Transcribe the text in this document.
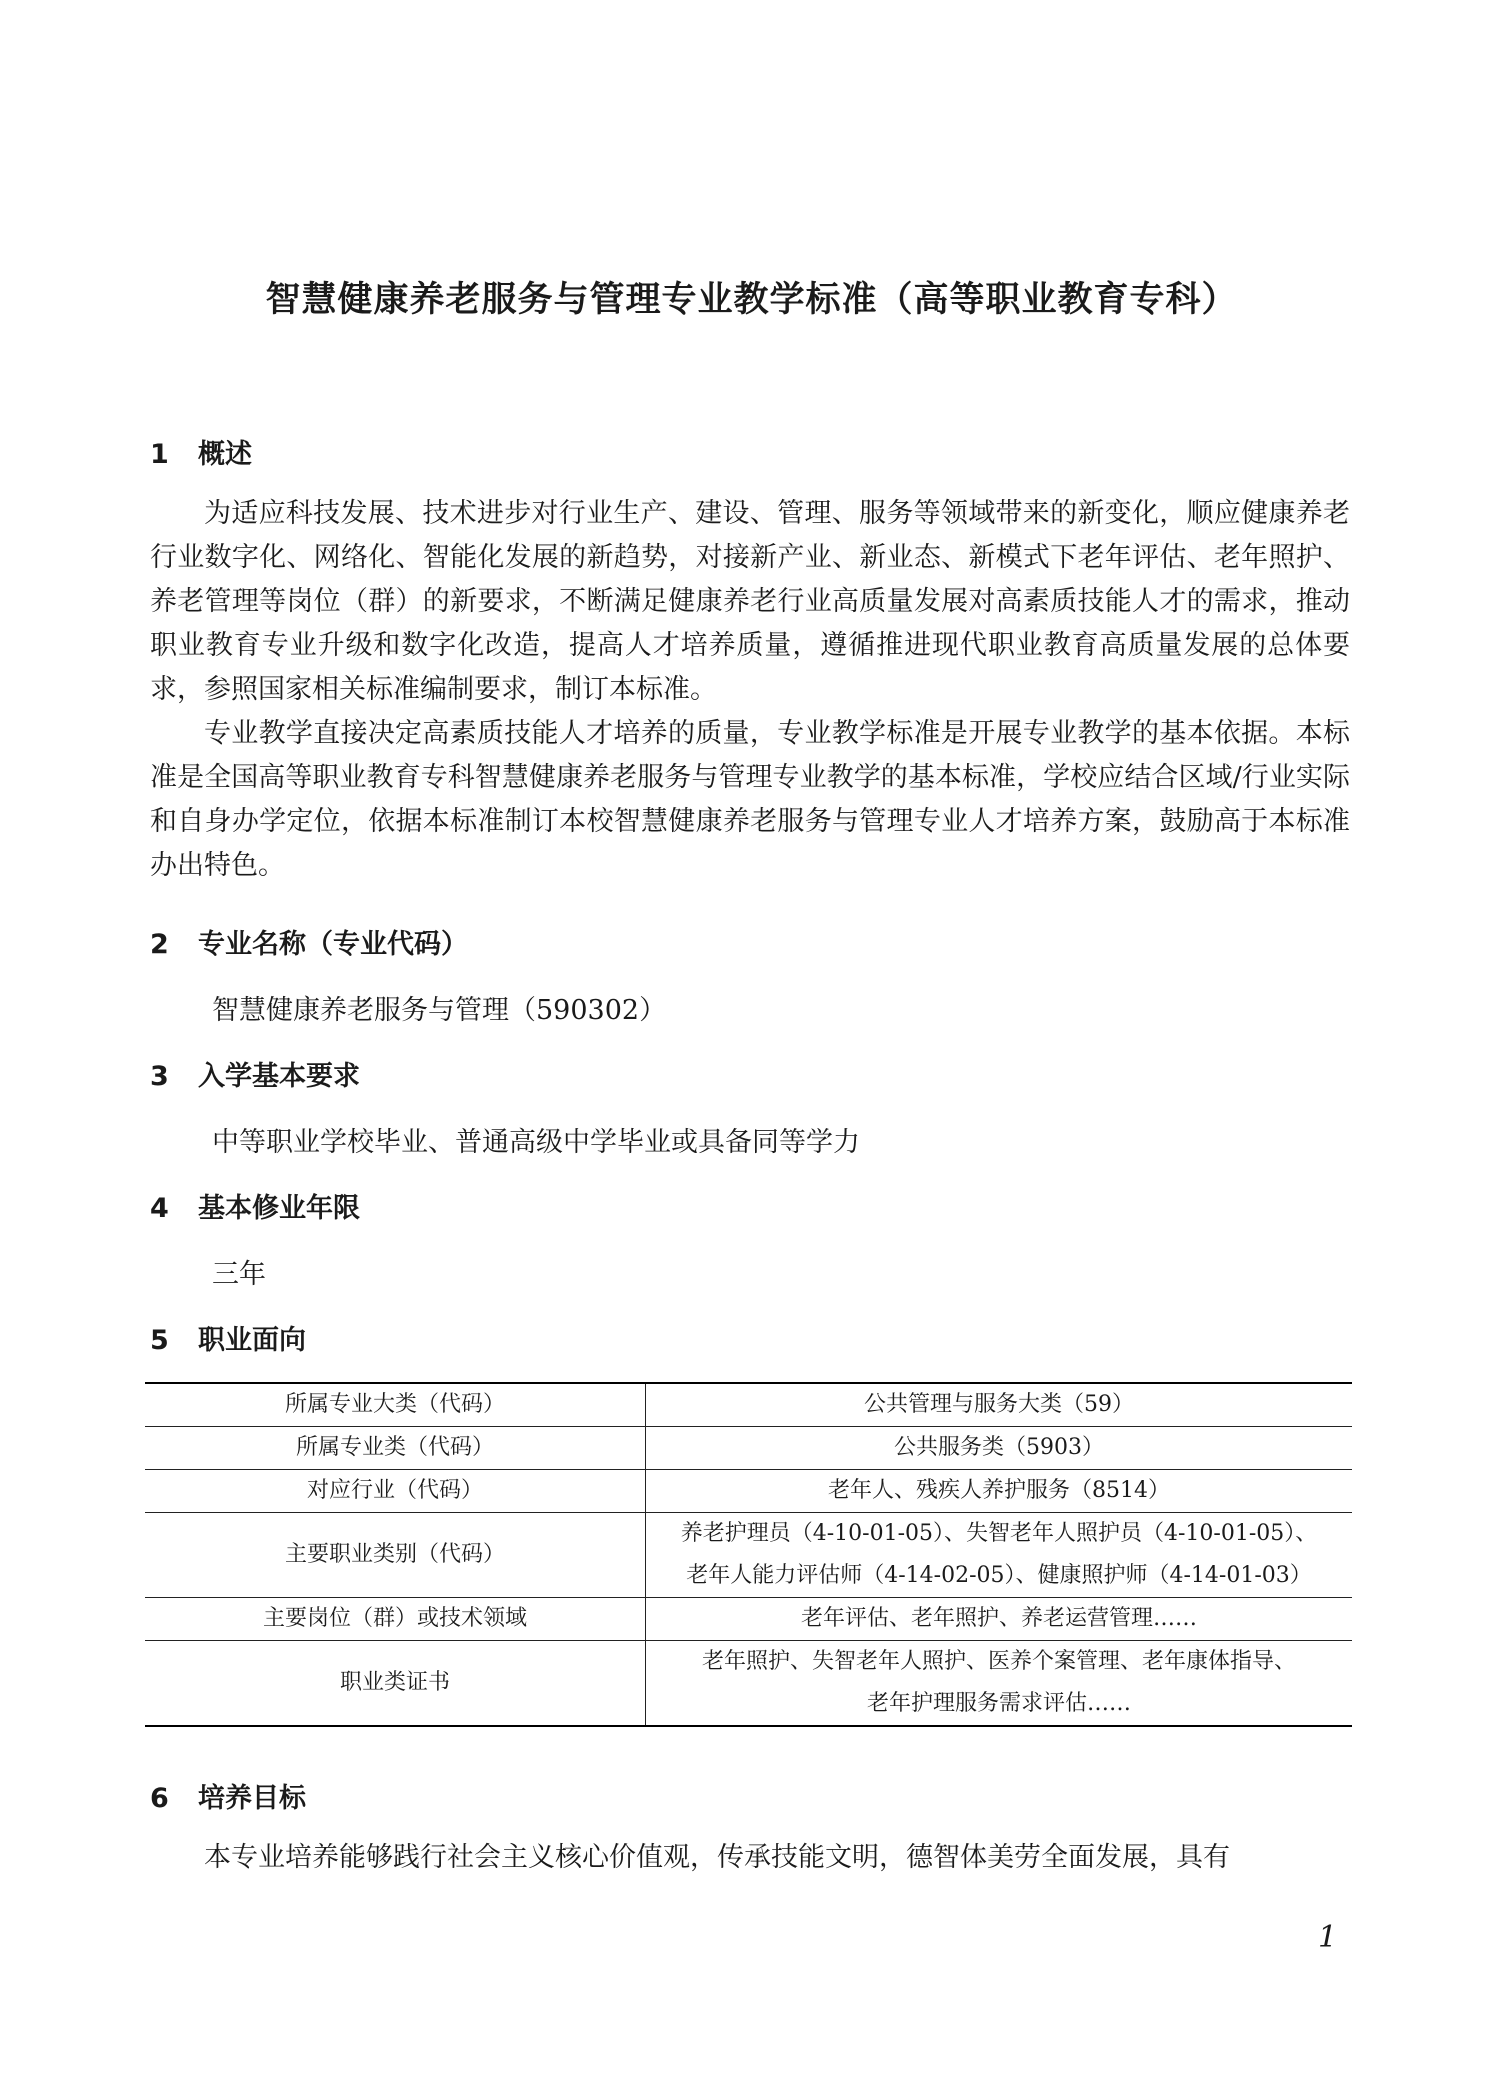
智慧健康养老服务与管理专业教学标准（高等职业教育专科）
1 概述

为适应科技发展、技术进步对行业生产、建设、管理、服务等领域带来的新变化，顺应健康养老行业数字化、网络化、智能化发展的新趋势，对接新产业、新业态、新模式下老年评估、老年照护、养老管理等岗位（群）的新要求，不断满足健康养老行业高质量发展对高素质技能人才的需求，推动职业教育专业升级和数字化改造，提高人才培养质量，遵循推进现代职业教育高质量发展的总体要求，参照国家相关标准编制要求，制订本标准。

专业教学直接决定高素质技能人才培养的质量，专业教学标准是开展专业教学的基本依据。本标准是全国高等职业教育专科智慧健康养老服务与管理专业教学的基本标准，学校应结合区域/行业实际和自身办学定位，依据本标准制订本校智慧健康养老服务与管理专业人才培养方案，鼓励高于本标准办出特色。

2 专业名称（专业代码）

智慧健康养老服务与管理（590302）

3 入学基本要求

中等职业学校毕业、普通高级中学毕业或具备同等学力

4 基本修业年限

三年

5 职业面向
所属专业大类（代码）	公共管理与服务大类（59）
所属专业类（代码）	公共服务类（5903）
对应行业（代码）	老年人、残疾人养护服务（8514）
主要职业类别（代码）	养老护理员（4-10-01-05）、失智老年人照护员（4-10-01-05）、
老年人能力评估师（4-14-02-05）、健康照护师（4-14-01-03）

主要岗位（群）或技术领域	老年评估、老年照护、养老运营管理……
职业类证书	老年照护、失智老年人照护、医养个案管理、老年康体指导、
老年护理服务需求评估……
6 培养目标

本专业培养能够践行社会主义核心价值观，传承技能文明，德智体美劳全面发展，具有

1
